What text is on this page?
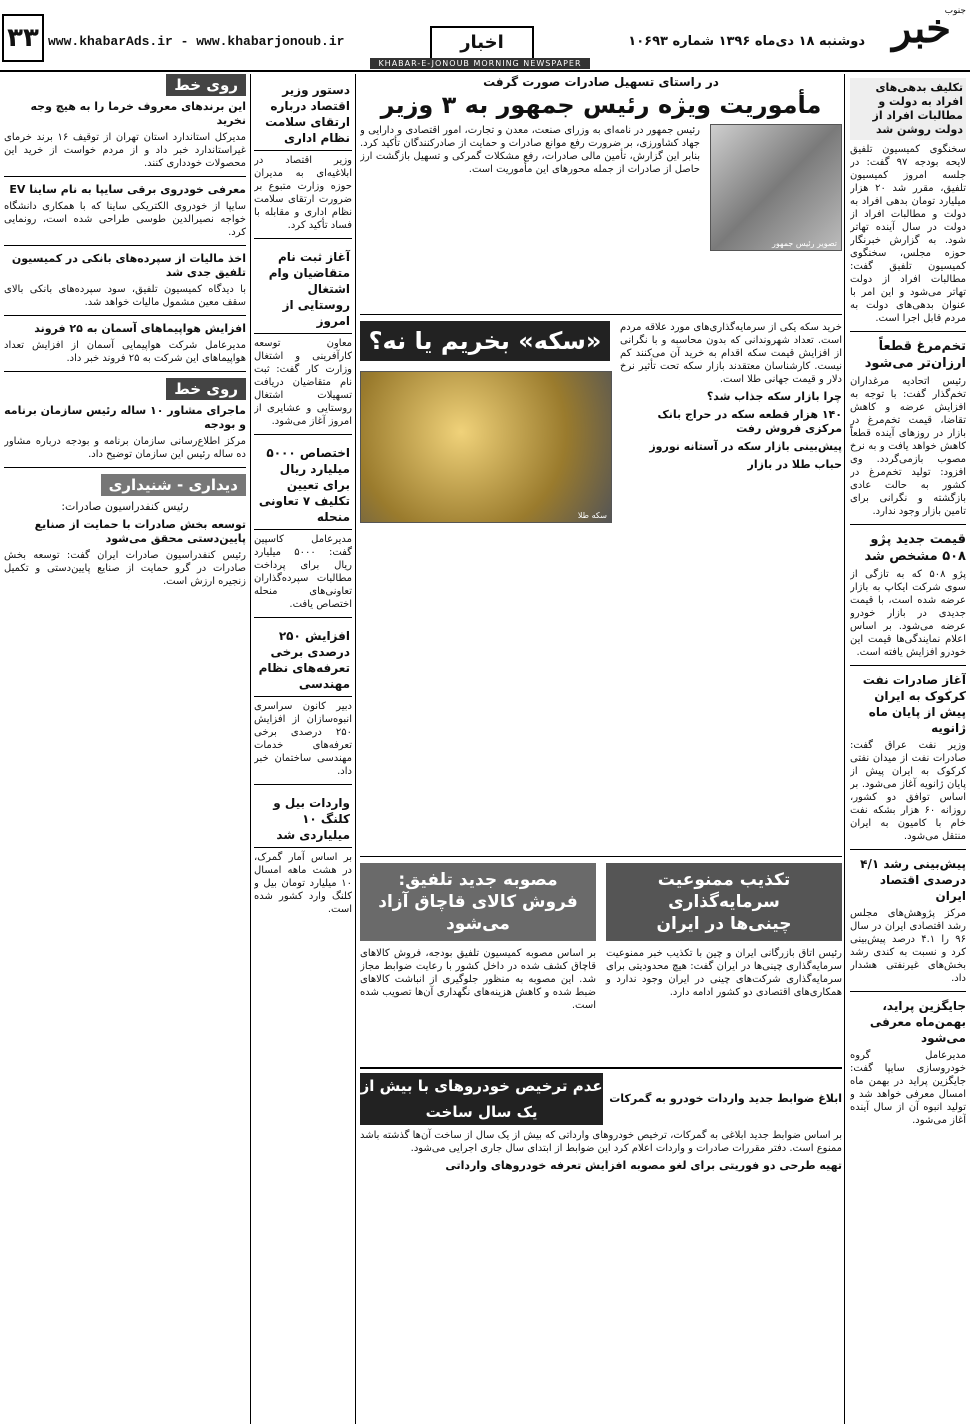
خبر
جنوب
دوشنبه ۱۸ دی‌ماه ۱۳۹۶ شماره ۱۰۶۹۳
اخبار
www.khabarAds.ir - www.khabarjonoub.ir
۳۳
KHABAR-E-JONOUB MORNING NEWSPAPER
تکلیف بدهی‌های افراد به دولت و مطالبات افراد از دولت روشن شد

سخنگوی کمیسیون تلفیق لایحه بودجه ۹۷ گفت: در جلسه امروز کمیسیون تلفیق، مقرر شد ۲۰ هزار میلیارد تومان بدهی افراد به دولت و مطالبات افراد از دولت در سال آینده تهاتر شود. به گزارش خبرنگار حوزه مجلس، سخنگوی کمیسیون تلفیق گفت: مطالبات افراد از دولت تهاتر می‌شود و این امر با عنوان بدهی‌های دولت به مردم قابل اجرا است.

تخم‌مرغ قطعاً ارزان‌تر می‌شود

رئیس اتحادیه مرغداران تخم‌گذار گفت: با توجه به افزایش عرضه و کاهش تقاضا، قیمت تخم‌مرغ در بازار در روزهای آینده قطعاً کاهش خواهد یافت و به نرخ مصوب بازمی‌گردد. وی افزود: تولید تخم‌مرغ در کشور به حالت عادی بازگشته و نگرانی برای تامین بازار وجود ندارد.

قیمت جدید پژو ۵۰۸ مشخص شد

پژو ۵۰۸ که به تازگی از سوی شرکت ایکاپ به بازار عرضه شده است، با قیمت جدیدی در بازار خودرو عرضه می‌شود. بر اساس اعلام نمایندگی‌ها قیمت این خودرو افزایش یافته است.

آغاز صادرات نفت کرکوک به ایران پیش از پایان ماه ژانویه

وزیر نفت عراق گفت: صادرات نفت از میدان نفتی کرکوک به ایران پیش از پایان ژانویه آغاز می‌شود. بر اساس توافق دو کشور، روزانه ۶۰ هزار بشکه نفت خام با کامیون به ایران منتقل می‌شود.

پیش‌بینی رشد ۴/۱ درصدی اقتصاد ایران

مرکز پژوهش‌های مجلس رشد اقتصادی ایران در سال ۹۶ را ۴.۱ درصد پیش‌بینی کرد و نسبت به کندی رشد بخش‌های غیرنفتی هشدار داد.

جایگزین پراید، بهمن‌ماه معرفی می‌شود

مدیرعامل گروه خودروسازی سایپا گفت: جایگزین پراید در بهمن ماه امسال معرفی خواهد شد و تولید انبوه آن از سال آینده آغاز می‌شود.

در راستای تسهیل صادرات صورت گرفت
مأموریت ویژه رئیس جمهور به ۳ وزیر
تصویر رئیس جمهور

رئیس جمهور در نامه‌ای به وزرای صنعت، معدن و تجارت، امور اقتصادی و دارایی و جهاد کشاورزی، بر ضرورت رفع موانع صادرات و حمایت از صادرکنندگان تأکید کرد. بنابر این گزارش، تأمین مالی صادرات، رفع مشکلات گمرکی و تسهیل بازگشت ارز حاصل از صادرات از جمله محورهای این مأموریت است.

«سکه» بخریم یا نه؟
سکه طلا

خرید سکه یکی از سرمایه‌گذاری‌های مورد علاقه مردم است. تعداد شهروندانی که بدون محاسبه و با نگرانی از افزایش قیمت سکه اقدام به خرید آن می‌کنند کم نیست. کارشناسان معتقدند بازار سکه تحت تأثیر نرخ دلار و قیمت جهانی طلا است.

چرا بازار سکه جذاب شد؟
۱۴۰ هزار قطعه سکه در حراج بانک مرکزی فروش رفت
پیش‌بینی بازار سکه در آستانه نوروز
حباب طلا در بازار
تکذیب ممنوعیت سرمایه‌گذاری
چینی‌ها در ایران

رئیس اتاق بازرگانی ایران و چین با تکذیب خبر ممنوعیت سرمایه‌گذاری چینی‌ها در ایران گفت: هیچ محدودیتی برای سرمایه‌گذاری شرکت‌های چینی در ایران وجود ندارد و همکاری‌های اقتصادی دو کشور ادامه دارد.

مصوبه جدید تلفیق:
فروش کالای قاچاق آزاد می‌شود

بر اساس مصوبه کمیسیون تلفیق بودجه، فروش کالاهای قاچاق کشف شده در داخل کشور با رعایت ضوابط مجاز شد. این مصوبه به منظور جلوگیری از انباشت کالاهای ضبط شده و کاهش هزینه‌های نگهداری آن‌ها تصویب شده است.

ابلاغ ضوابط جدید واردات خودرو به گمرکات
عدم ترخیص خودروهای با بیش از یک سال ساخت

بر اساس ضوابط جدید ابلاغی به گمرکات، ترخیص خودروهای وارداتی که بیش از یک سال از ساخت آن‌ها گذشته باشد ممنوع است. دفتر مقررات صادرات و واردات اعلام کرد این ضوابط از ابتدای سال جاری اجرایی می‌شود.

تهیه طرحی دو فوریتی برای لغو مصوبه افزایش تعرفه خودروهای وارداتی
دستور وزیر اقتصاد درباره ارتقای سلامت نظام اداری

وزیر اقتصاد در ابلاغیه‌ای به مدیران حوزه وزارت متبوع بر ضرورت ارتقای سلامت نظام اداری و مقابله با فساد تأکید کرد.

آغاز ثبت نام متقاضیان وام اشتغال روستایی از امروز

معاون توسعه کارآفرینی و اشتغال وزارت کار گفت: ثبت نام متقاضیان دریافت تسهیلات اشتغال روستایی و عشایری از امروز آغاز می‌شود.

اختصاص ۵۰۰۰ میلیارد ریال برای تعیین تکلیف ۷ تعاونی منحله

مدیرعامل کاسپین گفت: ۵۰۰۰ میلیارد ریال برای پرداخت مطالبات سپرده‌گذاران تعاونی‌های منحله اختصاص یافت.

افزایش ۲۵۰ درصدی برخی تعرفه‌های نظام مهندسی

دبیر کانون سراسری انبوه‌سازان از افزایش ۲۵۰ درصدی برخی تعرفه‌های خدمات مهندسی ساختمان خبر داد.

واردات بیل و کلنگ ۱۰ میلیاردی شد

بر اساس آمار گمرک، در هشت ماهه امسال ۱۰ میلیارد تومان بیل و کلنگ وارد کشور شده است.

روی خط
این برندهای معروف خرما را به هیچ وجه نخرید

مدیرکل استاندارد استان تهران از توقیف ۱۶ برند خرمای غیراستاندارد خبر داد و از مردم خواست از خرید این محصولات خودداری کنند.

معرفی خودروی برقی سایپا به نام ساینا EV

سایپا از خودروی الکتریکی ساینا که با همکاری دانشگاه خواجه نصیرالدین طوسی طراحی شده است، رونمایی کرد.

اخذ مالیات از سپرده‌های بانکی در کمیسیون تلفیق جدی شد

با دیدگاه کمیسیون تلفیق، سود سپرده‌های بانکی بالای سقف معین مشمول مالیات خواهد شد.

افزایش هواپیماهای آسمان به ۲۵ فروند

مدیرعامل شرکت هواپیمایی آسمان از افزایش تعداد هواپیماهای این شرکت به ۲۵ فروند خبر داد.

روی خط
ماجرای مشاور ۱۰ ساله رئیس سازمان برنامه و بودجه

مرکز اطلاع‌رسانی سازمان برنامه و بودجه درباره مشاور ده ساله رئیس این سازمان توضیح داد.

دیداری - شنیداری
رئیس کنفدراسیون صادرات:
توسعه بخش صادرات با حمایت از صنایع پایین‌دستی محقق می‌شود

رئیس کنفدراسیون صادرات ایران گفت: توسعه بخش صادرات در گرو حمایت از صنایع پایین‌دستی و تکمیل زنجیره ارزش است.
